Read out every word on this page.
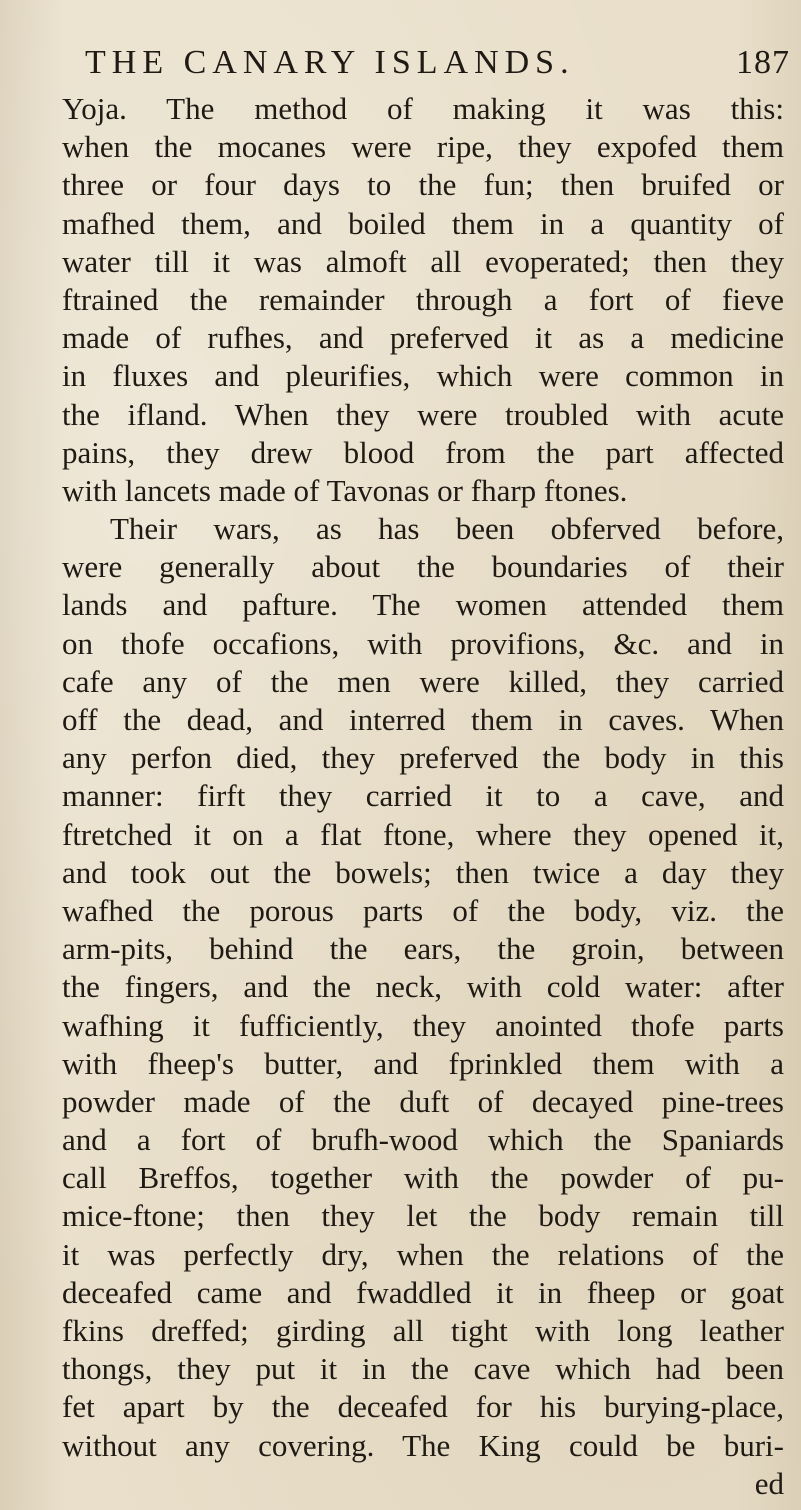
THE CANARY ISLANDS.	187
Yoja. The method of making it was this:
when the mocanes were ripe, they expofed them
three or four days to the fun; then bruifed or
mafhed them, and boiled them in a quantity of
water till it was almoft all evoperated; then they
ftrained the remainder through a fort of fieve
made of rufhes, and preferved it as a medicine
in fluxes and pleurifies, which were common in
the ifland. When they were troubled with acute
pains, they drew blood from the part affected
with lancets made of Tavonas or fharp ftones.
Their wars, as has been obferved before,
were generally about the boundaries of their
lands and pafture. The women attended them
on thofe occafions, with provifions, &c. and in
cafe any of the men were killed, they carried
off the dead, and interred them in caves. When
any perfon died, they preferved the body in this
manner: firft they carried it to a cave, and
ftretched it on a flat ftone, where they opened it,
and took out the bowels; then twice a day they
wafhed the porous parts of the body, viz. the
arm-pits, behind the ears, the groin, between
the fingers, and the neck, with cold water: after
wafhing it fufficiently, they anointed thofe parts
with fheep's butter, and fprinkled them with a
powder made of the duft of decayed pine-trees
and a fort of brufh-wood which the Spaniards
call Breffos, together with the powder of pu-
mice-ftone; then they let the body remain till
it was perfectly dry, when the relations of the
deceafed came and fwaddled it in fheep or goat
fkins dreffed; girding all tight with long leather
thongs, they put it in the cave which had been
fet apart by the deceafed for his burying-place,
without any covering. The King could be buri-
ed
